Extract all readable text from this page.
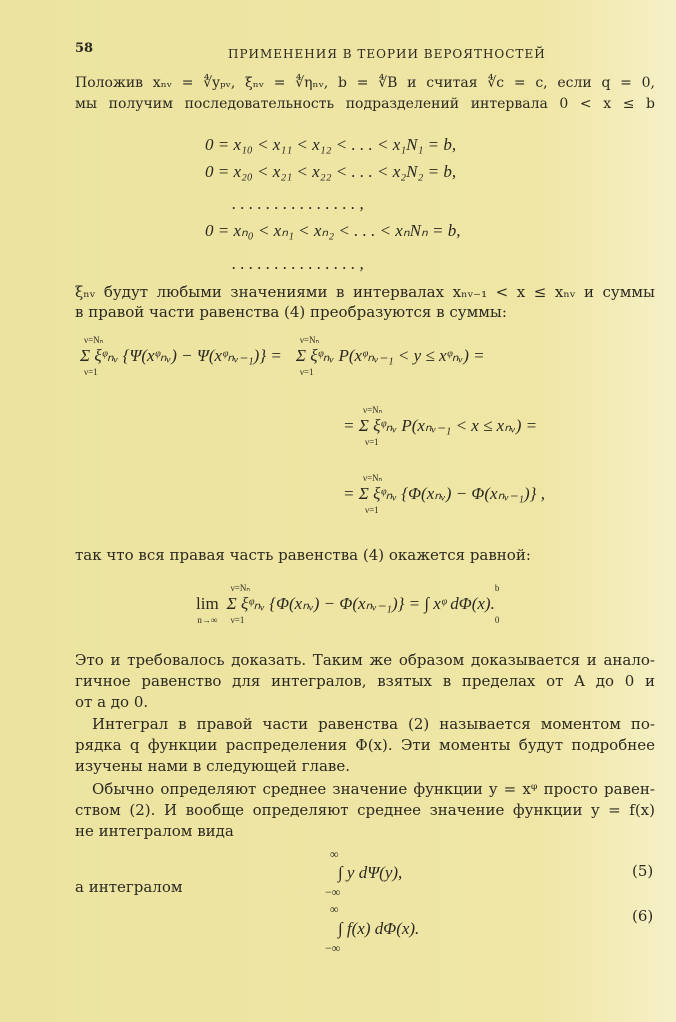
58	ПРИМЕНЕНИЯ В ТЕОРИИ ВЕРОЯТНОСТЕЙ
Положив xₙᵥ = ∜yₚᵥ, ξₙᵥ = ∜ηₙᵥ, b = ∜B и считая ∜c = c, если q = 0,
мы получим последовательность подразделений интервала 0 < x ≤ b
0 = x₁₀ < x₁₁ < x₁₂ < . . . < x₁N₁ = b,
0 = x₂₀ < x₂₁ < x₂₂ < . . . < x₂N₂ = b,
. . . . . . . . . . . . . . . ,
0 = xₙ₀ < xₙ₁ < xₙ₂ < . . . < xₙNₙ = b,
. . . . . . . . . . . . . . . ,
ξₙᵥ будут любыми значениями в интервалах xₙᵥ₋₁ < x ≤ xₙᵥ и суммы
в правой части равенства (4) преобразуются в суммы:
ν=Nₙ
Σ ξᵠₙᵥ {Ψ(xᵠₙᵥ) − Ψ(xᵠₙᵥ₋₁)} =
ν=1
ν=Nₙ
Σ ξᵠₙᵥ P(xᵠₙᵥ₋₁ < y ≤ xᵠₙᵥ) =
ν=1
ν=Nₙ
= Σ ξᵠₙᵥ P(xₙᵥ₋₁ < x ≤ xₙᵥ) =
ν=1
ν=Nₙ
= Σ ξᵠₙᵥ {Φ(xₙᵥ) − Φ(xₙᵥ₋₁)} ,
ν=1
так что вся правая часть равенства (4) окажется равной:

lim
n→∞
ν=Nₙ
Σ ξᵠₙᵥ {Φ(xₙᵥ) − Φ(xₙᵥ₋₁)} = ∫ xᵠ dΦ(x).
ν=1
b

0
Это и требовалось доказать. Таким же образом доказывается и анало-
гичное равенство для интегралов, взятых в пределах от A до 0 и
от a до 0.
Интеграл в правой части равенства (2) называется моментом по-
рядка q функции распределения Φ(x). Эти моменты будут подробнее
изучены нами в следующей главе.
Обычно определяют среднее значение функции y = xᵠ просто равен-
ством (2). И вообще определяют среднее значение функции y = f(x)
не интегралом вида
∞
∫ y dΨ(y),
−∞
(5)
а интегралом
∞
∫ f(x) dΦ(x).
−∞
(6)
